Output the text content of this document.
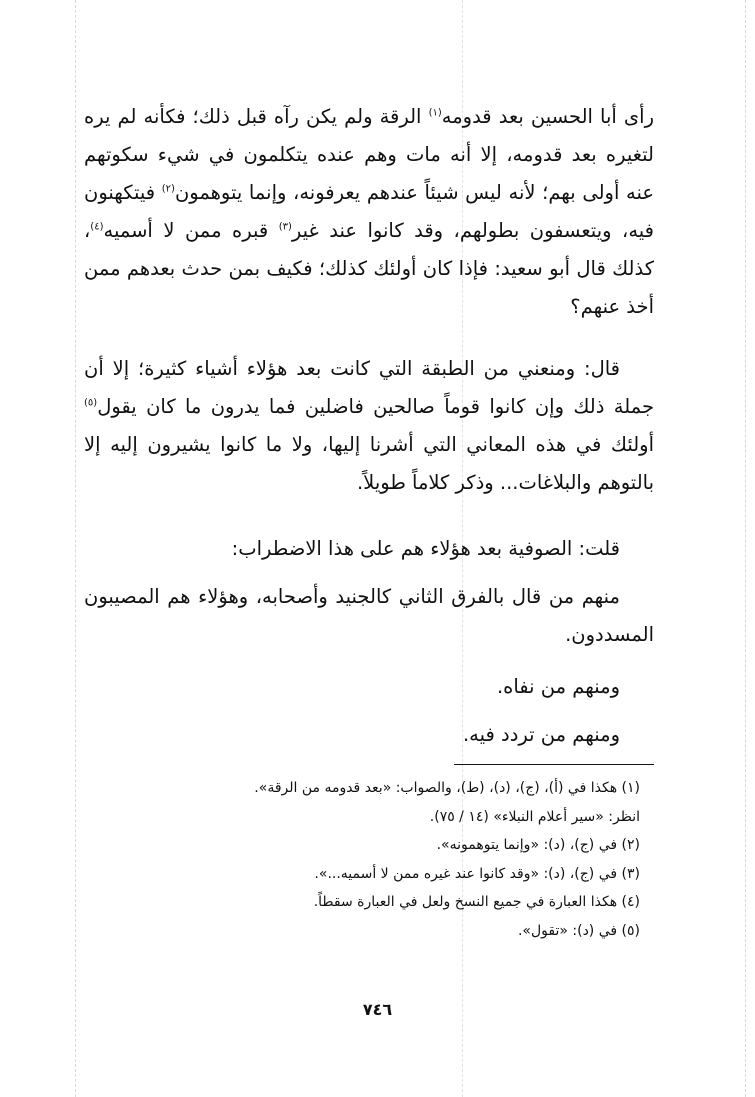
رأى أبا الحسين بعد قدومه$^{(١)}$ الرقة ولم يكن رآه قبل ذلك؛ فكأنه لم يره لتغيره بعد قدومه، إلا أنه مات وهم عنده يتكلمون في شيء سكوتهم عنه أولى بهم؛ لأنه ليس شيئاً عندهم يعرفونه، وإنما يتوهمون$^{(٢)}$ فيتكهنون فيه، ويتعسفون بطولهم، وقد كانوا عند غير$^{(٣)}$ قبره ممن لا أسميه$^{(٤)}$، كذلك قال أبو سعيد: فإذا كان أولئك كذلك؛ فكيف بمن حدث بعدهم ممن أخذ عنهم؟

قال: ومنعني من الطبقة التي كانت بعد هؤلاء أشياء كثيرة؛ إلا أن جملة ذلك وإن كانوا قوماً صالحين فاضلين فما يدرون ما كان يقول$^{(٥)}$ أولئك في هذه المعاني التي أشرنا إليها، ولا ما كانوا يشيرون إليه إلا بالتوهم والبلاغات... وذكر كلاماً طويلاً.

قلت: الصوفية بعد هؤلاء هم على هذا الاضطراب:

منهم من قال بالفرق الثاني كالجنيد وأصحابه، وهؤلاء هم المصيبون المسددون.

ومنهم من نفاه.

ومنهم من تردد فيه.

(١) هكذا في (أ)، (ج)، (د)، (ط)، والصواب: «بعد قدومه من الرقة».

انظر: «سير أعلام النبلاء» (١٤ / ٧٥).

(٢) في (ج)، (د): «وإنما يتوهمونه».

(٣) في (ج)، (د): «وقد كانوا عند غيره ممن لا أسميه...».

(٤) هكذا العبارة في جميع النسخ ولعل في العبارة سقطاً.

(٥) في (د): «تقول».

٧٤٦
